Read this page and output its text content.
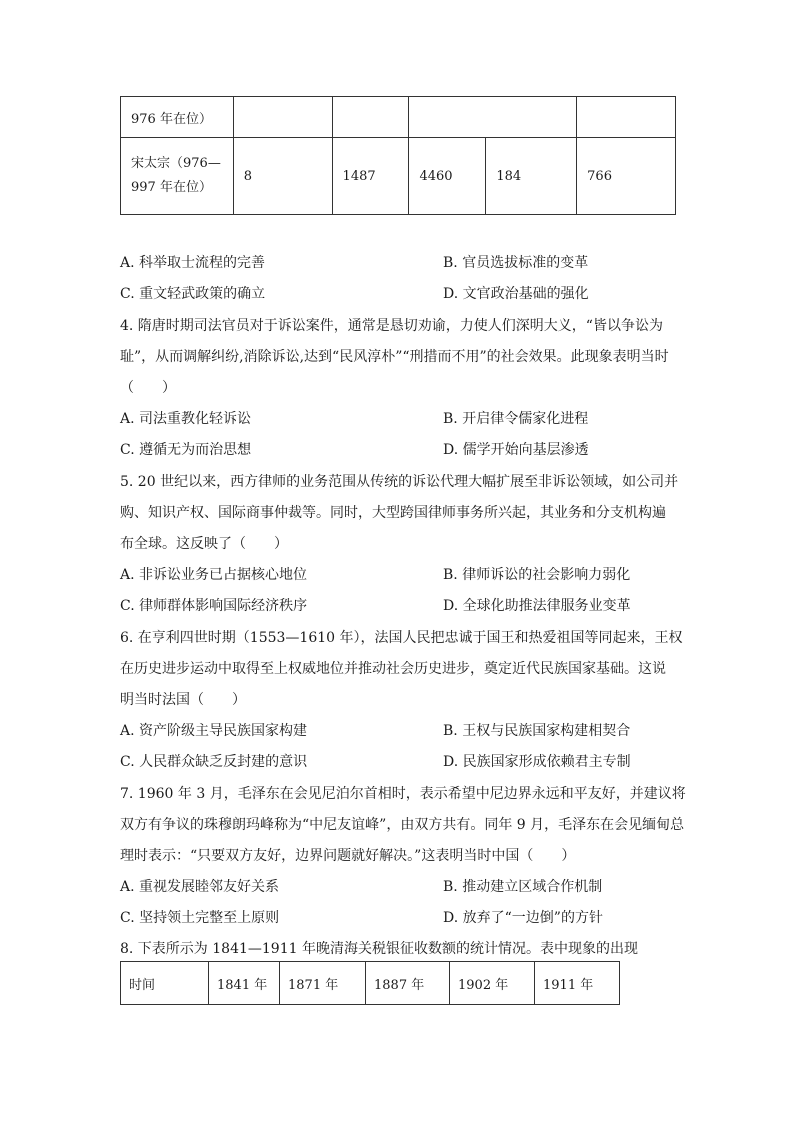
976 年在位）					
宋太宗（976—997 年在位）	8	1487	4460	184	766
A. 科举取士流程的完善	B. 官员选拔标准的变革
C. 重文轻武政策的确立	D. 文官政治基础的强化
4. 隋唐时期司法官员对于诉讼案件，通常是恳切劝谕，力使人们深明大义，“皆以争讼为
耻”，从而调解纠纷,消除诉讼,达到“民风淳朴”“刑措而不用”的社会效果。此现象表明当时
（　　）
A. 司法重教化轻诉讼	B. 开启律令儒家化进程
C. 遵循无为而治思想	D. 儒学开始向基层渗透
5. 20 世纪以来，西方律师的业务范围从传统的诉讼代理大幅扩展至非诉讼领域，如公司并
购、知识产权、国际商事仲裁等。同时，大型跨国律师事务所兴起，其业务和分支机构遍
布全球。这反映了（　　）
A. 非诉讼业务已占据核心地位	B. 律师诉讼的社会影响力弱化
C. 律师群体影响国际经济秩序	D. 全球化助推法律服务业变革
6. 在亨利四世时期（1553—1610 年），法国人民把忠诚于国王和热爱祖国等同起来，王权
在历史进步运动中取得至上权威地位并推动社会历史进步，奠定近代民族国家基础。这说
明当时法国（　　）
A. 资产阶级主导民族国家构建	B. 王权与民族国家构建相契合
C. 人民群众缺乏反封建的意识	D. 民族国家形成依赖君主专制
7. 1960 年 3 月，毛泽东在会见尼泊尔首相时，表示希望中尼边界永远和平友好，并建议将
双方有争议的珠穆朗玛峰称为“中尼友谊峰”，由双方共有。同年 9 月，毛泽东在会见缅甸总
理时表示：“只要双方友好，边界问题就好解决。”这表明当时中国（　　）
A. 重视发展睦邻友好关系	B. 推动建立区域合作机制
C. 坚持领土完整至上原则	D. 放弃了“一边倒”的方针
8. 下表所示为 1841—1911 年晚清海关税银征收数额的统计情况。表中现象的出现
时间	1841 年	1871 年	1887 年	1902 年	1911 年
